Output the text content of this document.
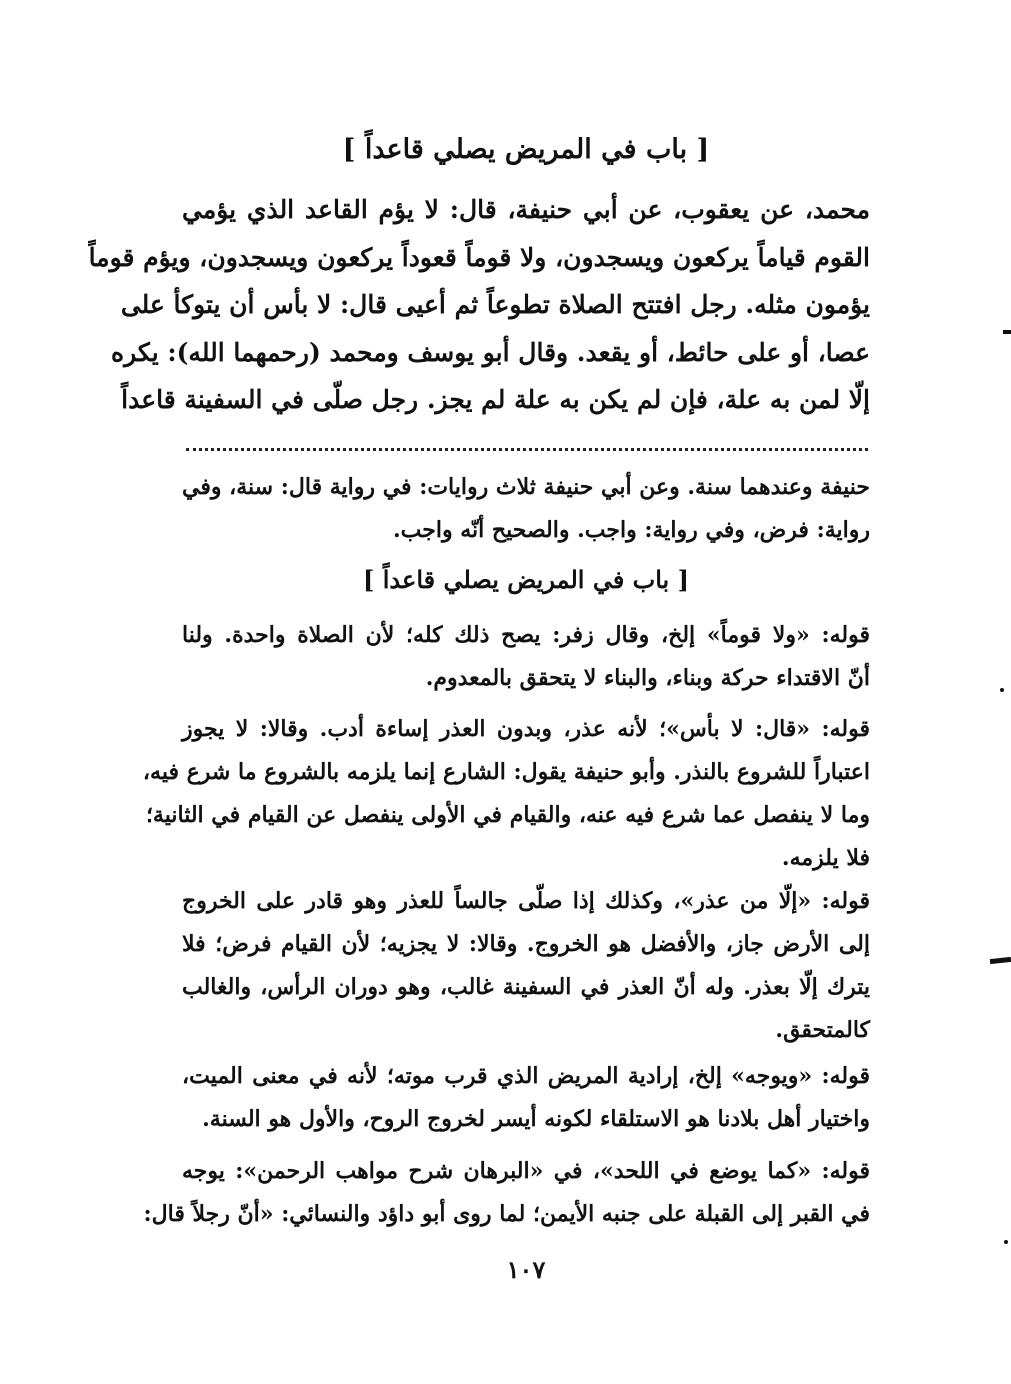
[ باب في المريض يصلي قاعداً ]
محمد، عن يعقوب، عن أبي حنيفة، قال: لا يؤم القاعد الذي يؤمي
القوم قياماً يركعون ويسجدون، ولا قوماً قعوداً يركعون ويسجدون، ويؤم قوماً
يؤمون مثله. رجل افتتح الصلاة تطوعاً ثم أعيى قال: لا بأس أن يتوكأ على
عصا، أو على حائط، أو يقعد. وقال أبو يوسف ومحمد (رحمهما الله): يكره
إلّا لمن به علة، فإن لم يكن به علة لم يجز. رجل صلّى في السفينة قاعداً
حنيفة وعندهما سنة. وعن أبي حنيفة ثلاث روايات: في رواية قال: سنة، وفي
رواية: فرض، وفي رواية: واجب. والصحيح أنّه واجب.
[ باب في المريض يصلي قاعداً ]
قوله: «ولا قوماً» إلخ، وقال زفر: يصح ذلك كله؛ لأن الصلاة واحدة. ولنا
أنّ الاقتداء حركة وبناء، والبناء لا يتحقق بالمعدوم.
قوله: «قال: لا بأس»؛ لأنه عذر، وبدون العذر إساءة أدب. وقالا: لا يجوز
اعتباراً للشروع بالنذر. وأبو حنيفة يقول: الشارع إنما يلزمه بالشروع ما شرع فيه،
وما لا ينفصل عما شرع فيه عنه، والقيام في الأولى ينفصل عن القيام في الثانية؛
فلا يلزمه.
قوله: «إلّا من عذر»، وكذلك إذا صلّى جالساً للعذر وهو قادر على الخروج
إلى الأرض جاز، والأفضل هو الخروج. وقالا: لا يجزيه؛ لأن القيام فرض؛ فلا
يترك إلّا بعذر. وله أنّ العذر في السفينة غالب، وهو دوران الرأس، والغالب
كالمتحقق.
قوله: «ويوجه» إلخ، إرادية المريض الذي قرب موته؛ لأنه في معنى الميت،
واختيار أهل بلادنا هو الاستلقاء لكونه أيسر لخروج الروح، والأول هو السنة.
قوله: «كما يوضع في اللحد»، في «البرهان شرح مواهب الرحمن»: يوجه
في القبر إلى القبلة على جنبه الأيمن؛ لما روى أبو داؤد والنسائي: «أنّ رجلاً قال:
١٠٧
